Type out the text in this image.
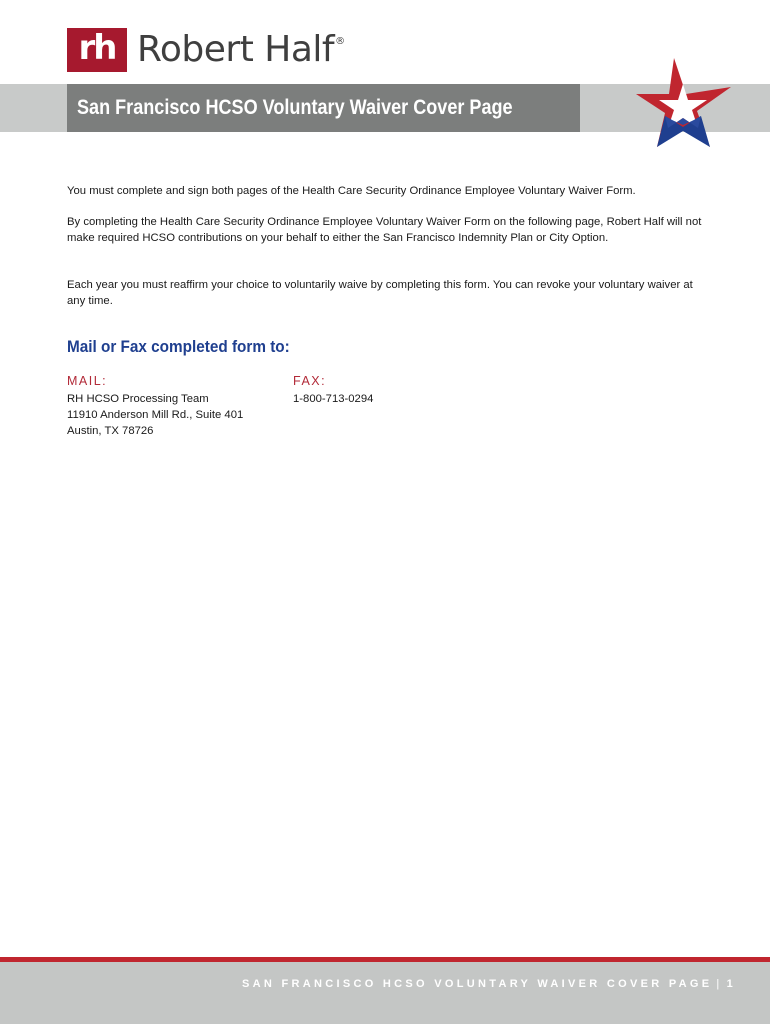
rh Robert Half®
San Francisco HCSO Voluntary Waiver Cover Page
You must complete and sign both pages of the Health Care Security Ordinance Employee Voluntary Waiver Form.
By completing the Health Care Security Ordinance Employee Voluntary Waiver Form on the following page, Robert Half will not make required HCSO contributions on your behalf to either the San Francisco Indemnity Plan or City Option.
Each year you must reaffirm your choice to voluntarily waive by completing this form. You can revoke your voluntary waiver at any time.
Mail or Fax completed form to:
MAIL:	FAX:
RH HCSO Processing Team
11910 Anderson Mill Rd., Suite 401
Austin, TX 78726
1-800-713-0294
SAN FRANCISCO HCSO VOLUNTARY WAIVER COVER PAGE | 1
